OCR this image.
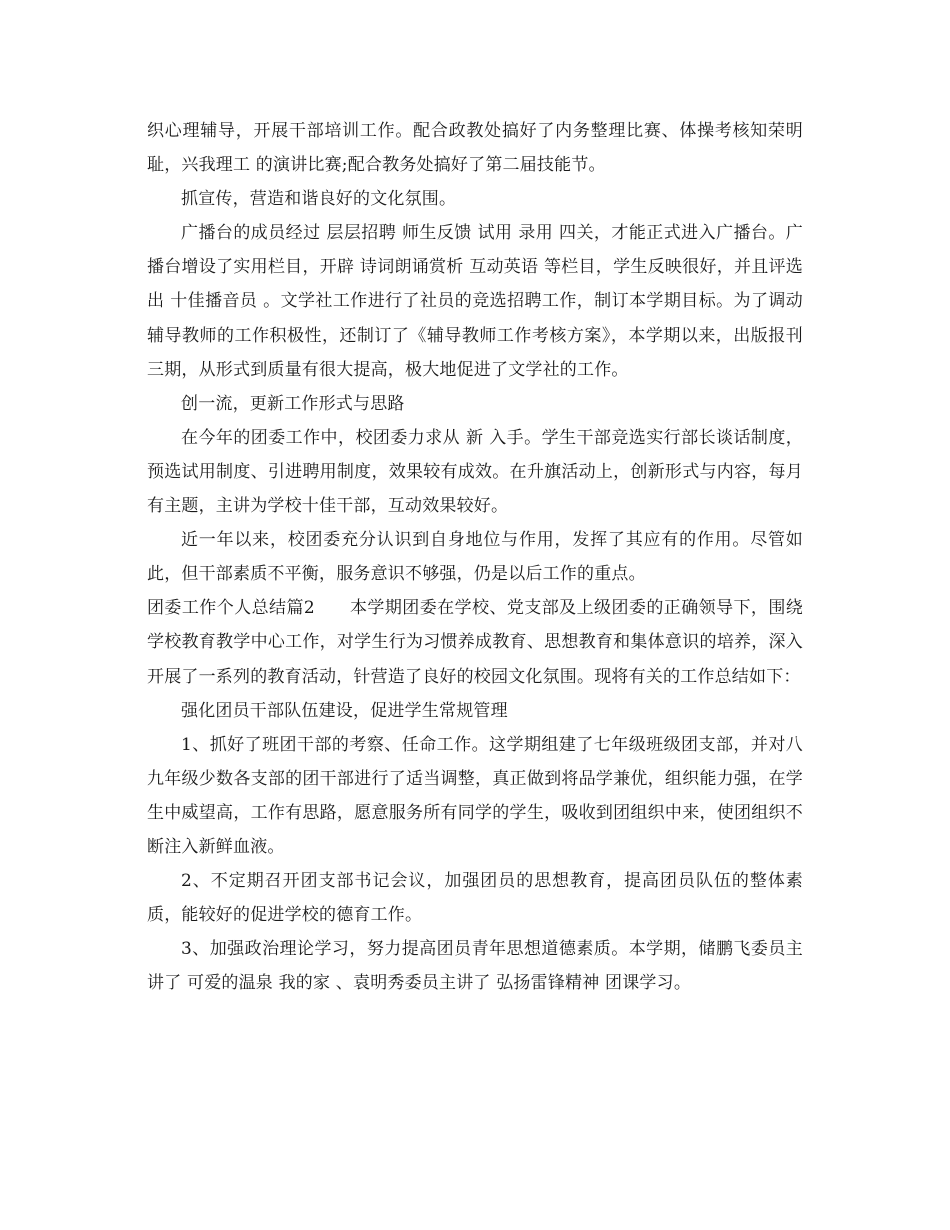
织心理辅导，开展干部培训工作。配合政教处搞好了内务整理比赛、体操考核知荣明耻，兴我理工 的演讲比赛;配合教务处搞好了第二届技能节。

抓宣传，营造和谐良好的文化氛围。

广播台的成员经过 层层招聘 师生反馈 试用 录用 四关，才能正式进入广播台。广播台增设了实用栏目，开辟 诗词朗诵赏析 互动英语 等栏目，学生反映很好，并且评选出 十佳播音员 。文学社工作进行了社员的竞选招聘工作，制订本学期目标。为了调动辅导教师的工作积极性，还制订了《辅导教师工作考核方案》，本学期以来，出版报刊三期，从形式到质量有很大提高，极大地促进了文学社的工作。

创一流，更新工作形式与思路

在今年的团委工作中，校团委力求从 新 入手。学生干部竞选实行部长谈话制度，预选试用制度、引进聘用制度，效果较有成效。在升旗活动上，创新形式与内容，每月有主题，主讲为学校十佳干部，互动效果较好。

近一年以来，校团委充分认识到自身地位与作用，发挥了其应有的作用。尽管如此，但干部素质不平衡，服务意识不够强，仍是以后工作的重点。

团委工作个人总结篇2　　本学期团委在学校、党支部及上级团委的正确领导下，围绕学校教育教学中心工作，对学生行为习惯养成教育、思想教育和集体意识的培养，深入开展了一系列的教育活动，针营造了良好的校园文化氛围。现将有关的工作总结如下：

强化团员干部队伍建设，促进学生常规管理

1、抓好了班团干部的考察、任命工作。这学期组建了七年级班级团支部，并对八九年级少数各支部的团干部进行了适当调整，真正做到将品学兼优，组织能力强，在学生中威望高，工作有思路，愿意服务所有同学的学生，吸收到团组织中来，使团组织不断注入新鲜血液。

2、不定期召开团支部书记会议，加强团员的思想教育，提高团员队伍的整体素质，能较好的促进学校的德育工作。

3、加强政治理论学习，努力提高团员青年思想道德素质。本学期，储鹏飞委员主讲了 可爱的温泉 我的家 、袁明秀委员主讲了 弘扬雷锋精神 团课学习。
